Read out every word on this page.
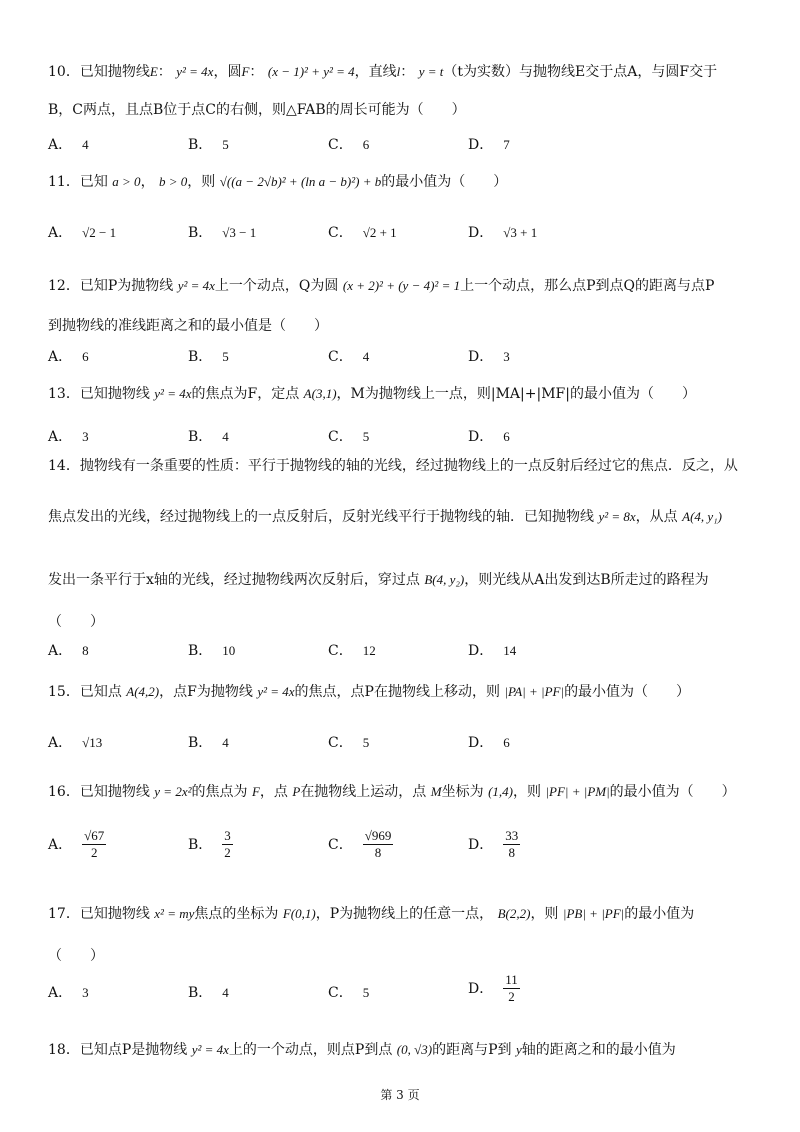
10．已知抛物线E： y² = 4x，圆F： (x − 1)² + y² = 4，直线l： y = t（t为实数）与抛物线E交于点A，与圆F交于
B，C两点，且点B位于点C的右侧，则△FAB的周长可能为（　　）
A． 4	B． 5	C． 6	D． 7
11．已知 a > 0， b > 0，则 √((a − 2√b)² + (ln a − b)²) + b的最小值为（　　）
A． √2 − 1	B． √3 − 1	C． √2 + 1	D． √3 + 1
12．已知P为抛物线 y² = 4x上一个动点，Q为圆 (x + 2)² + (y − 4)² = 1上一个动点，那么点P到点Q的距离与点P
到抛物线的准线距离之和的最小值是（　　）
A． 6	B． 5	C． 4	D． 3
13．已知抛物线 y² = 4x的焦点为F，定点 A(3,1)，M为抛物线上一点，则|MA|+|MF|的最小值为（　　）
A． 3	B． 4	C． 5	D． 6
14．抛物线有一条重要的性质：平行于抛物线的轴的光线，经过抛物线上的一点反射后经过它的焦点．反之，从
焦点发出的光线，经过抛物线上的一点反射后，反射光线平行于抛物线的轴．已知抛物线 y² = 8x，从点 A(4, y₁)
发出一条平行于x轴的光线，经过抛物线两次反射后，穿过点 B(4, y₂)，则光线从A出发到达B所走过的路程为
（　　）
A． 8	B． 10	C． 12	D． 14
15．已知点 A(4,2)，点F为抛物线 y² = 4x的焦点，点P在抛物线上移动，则 |PA| + |PF|的最小值为（　　）
A． √13	B． 4	C． 5	D． 6
16．已知抛物线 y = 2x²的焦点为 F，点 P在抛物线上运动，点 M坐标为 (1,4)，则 |PF| + |PM|的最小值为（　　）
A． $\frac{√67}{2}$	B． $\frac{3}{2}$	C． $\frac{√969}{8}$	D． $\frac{33}{8}$
17．已知抛物线 x² = my焦点的坐标为 F(0,1)，P为抛物线上的任意一点， B(2,2)，则 |PB| + |PF|的最小值为
（　　）
A． 3	B． 4	C． 5	D． $\frac{11}{2}$
18．已知点P是抛物线 y² = 4x上的一个动点，则点P到点 (0, √3)的距离与P到 y轴的距离之和的最小值为
第 3 页
